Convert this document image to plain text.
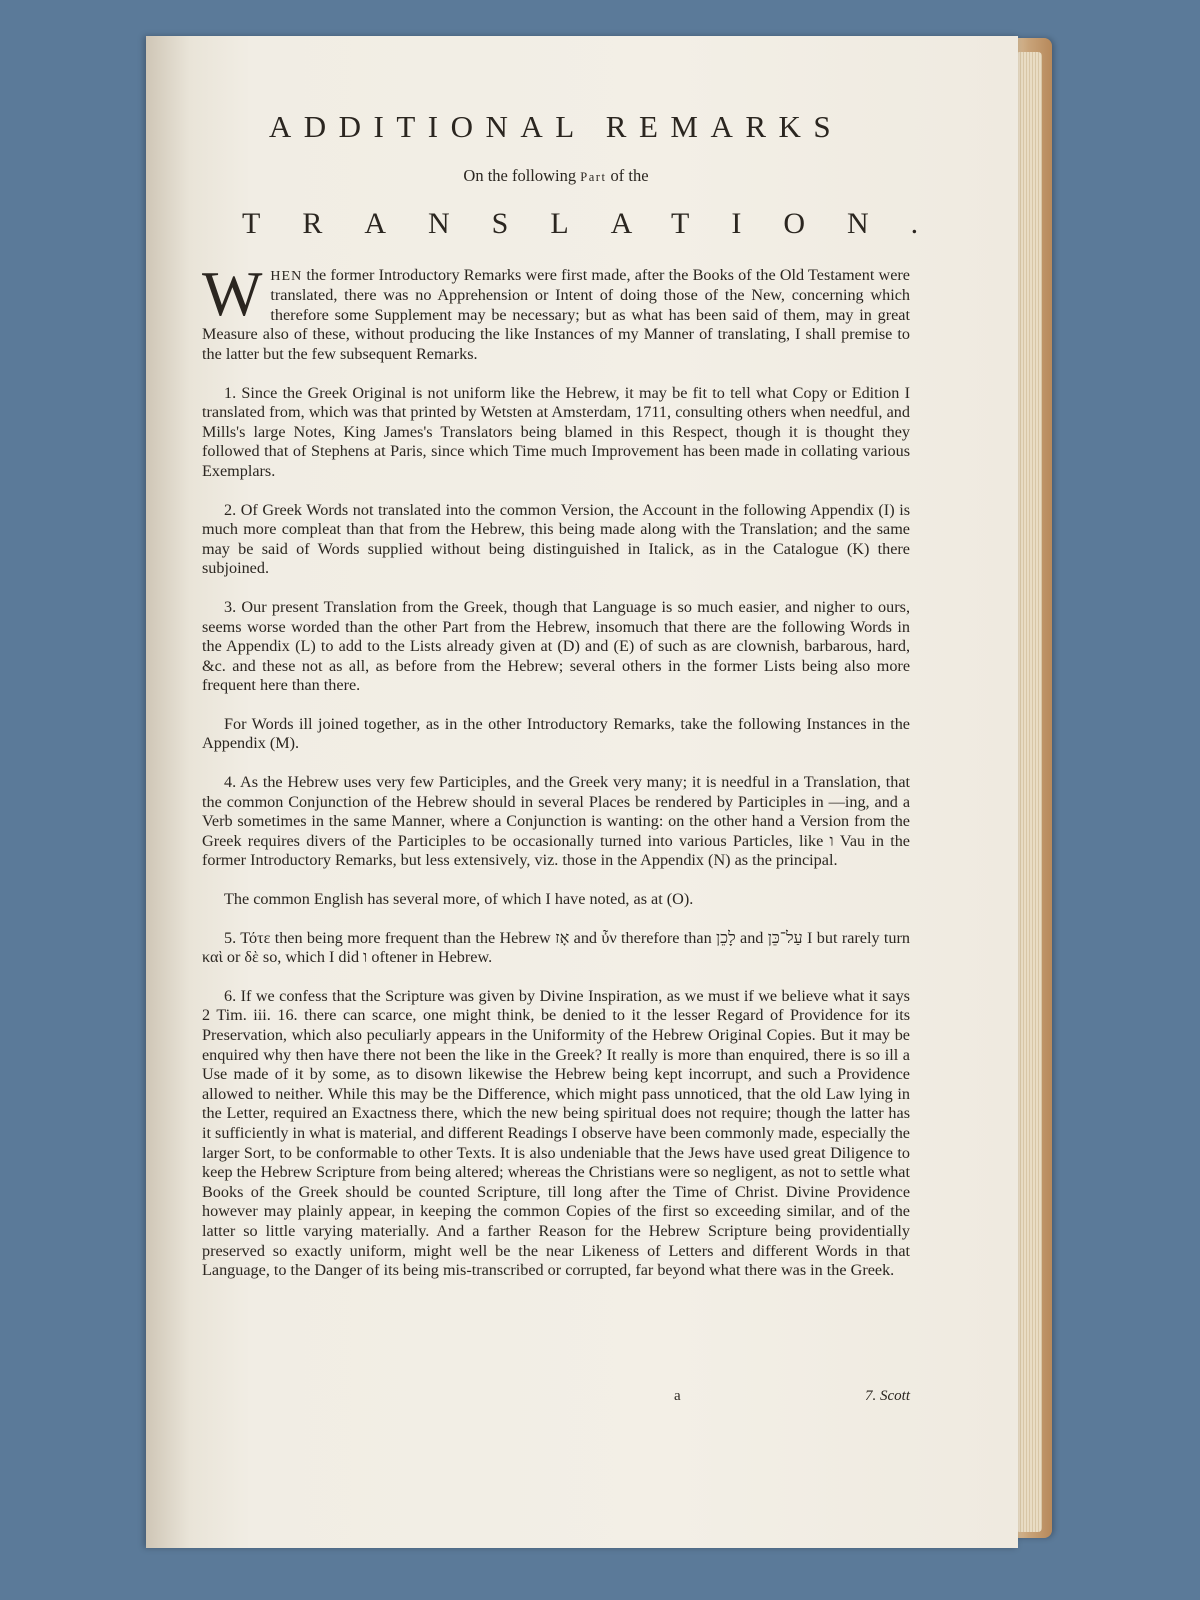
ADDITIONAL REMARKS
On the following Part of the
TRANSLATION.

WHEN the former Introductory Remarks were first made, after the Books of the Old Testament were translated, there was no Apprehension or Intent of doing those of the New, concerning which therefore some Supplement may be necessary; but as what has been said of them, may in great Measure also of these, without producing the like Instances of my Manner of translating, I shall premise to the latter but the few subsequent Remarks.

1. Since the Greek Original is not uniform like the Hebrew, it may be fit to tell what Copy or Edition I translated from, which was that printed by Wetsten at Amsterdam, 1711, consulting others when needful, and Mills's large Notes, King James's Translators being blamed in this Respect, though it is thought they followed that of Stephens at Paris, since which Time much Improvement has been made in collating various Exemplars.

2. Of Greek Words not translated into the common Version, the Account in the following Appendix (I) is much more compleat than that from the Hebrew, this being made along with the Translation; and the same may be said of Words supplied without being distinguished in Italick, as in the Catalogue (K) there subjoined.

3. Our present Translation from the Greek, though that Language is so much easier, and nigher to ours, seems worse worded than the other Part from the Hebrew, insomuch that there are the following Words in the Appendix (L) to add to the Lists already given at (D) and (E) of such as are clownish, barbarous, hard, &c. and these not as all, as before from the Hebrew; several others in the former Lists being also more frequent here than there.

For Words ill joined together, as in the other Introductory Remarks, take the following Instances in the Appendix (M).

4. As the Hebrew uses very few Participles, and the Greek very many; it is needful in a Translation, that the common Conjunction of the Hebrew should in several Places be rendered by Participles in —ing, and a Verb sometimes in the same Manner, where a Conjunction is wanting: on the other hand a Version from the Greek requires divers of the Participles to be occasionally turned into various Particles, like ו Vau in the former Introductory Remarks, but less extensively, viz. those in the Appendix (N) as the principal.

The common English has several more, of which I have noted, as at (O).

5. Τότε then being more frequent than the Hebrew אָז and ὖν therefore than לָכֵן and עַל־כֵּן I but rarely turn καὶ or δὲ so, which I did ו oftener in Hebrew.

6. If we confess that the Scripture was given by Divine Inspiration, as we must if we believe what it says 2 Tim. iii. 16. there can scarce, one might think, be denied to it the lesser Regard of Providence for its Preservation, which also peculiarly appears in the Uniformity of the Hebrew Original Copies. But it may be enquired why then have there not been the like in the Greek? It really is more than enquired, there is so ill a Use made of it by some, as to disown likewise the Hebrew being kept incorrupt, and such a Providence allowed to neither. While this may be the Difference, which might pass unnoticed, that the old Law lying in the Letter, required an Exactness there, which the new being spiritual does not require; though the latter has it sufficiently in what is material, and different Readings I observe have been commonly made, especially the larger Sort, to be conformable to other Texts. It is also undeniable that the Jews have used great Diligence to keep the Hebrew Scripture from being altered; whereas the Christians were so negligent, as not to settle what Books of the Greek should be counted Scripture, till long after the Time of Christ. Divine Providence however may plainly appear, in keeping the common Copies of the first so exceeding similar, and of the latter so little varying materially. And a farther Reason for the Hebrew Scripture being providentially preserved so exactly uniform, might well be the near Likeness of Letters and different Words in that Language, to the Danger of its being mis-transcribed or corrupted, far beyond what there was in the Greek.

a	7. Scott
